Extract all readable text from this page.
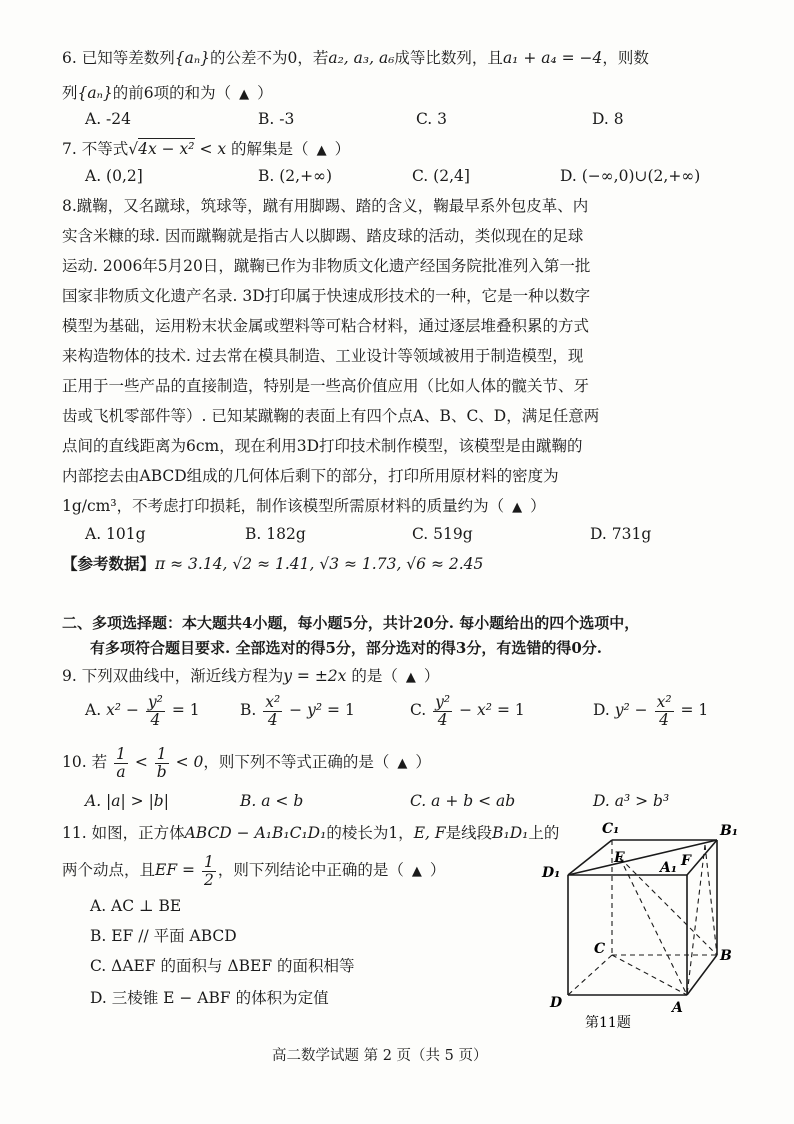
6. 已知等差数列{aₙ}的公差不为0，若a₂, a₃, a₆成等比数列，且a₁ + a₄ = −4，则数
列{aₙ}的前6项的和为（ ▲ ）
A. -24	B. -3	C. 3	D. 8
7. 不等式√4x − x² < x 的解集是（ ▲ ）
A. (0,2]	B. (2,+∞)	C. (2,4]	D. (−∞,0)∪(2,+∞)
8.蹴鞠，又名蹴球，筑球等，蹴有用脚踢、踏的含义，鞠最早系外包皮革、内
实含米糠的球. 因而蹴鞠就是指古人以脚踢、踏皮球的活动，类似现在的足球
运动. 2006年5月20日，蹴鞠已作为非物质文化遗产经国务院批准列入第一批
国家非物质文化遗产名录. 3D打印属于快速成形技术的一种，它是一种以数字
模型为基础，运用粉末状金属或塑料等可粘合材料，通过逐层堆叠积累的方式
来构造物体的技术. 过去常在模具制造、工业设计等领域被用于制造模型，现
正用于一些产品的直接制造，特别是一些高价值应用（比如人体的髋关节、牙
齿或飞机零部件等）. 已知某蹴鞠的表面上有四个点A、B、C、D，满足任意两
点间的直线距离为6cm，现在利用3D打印技术制作模型，该模型是由蹴鞠的
内部挖去由ABCD组成的几何体后剩下的部分，打印所用原材料的密度为
1g/cm³，不考虑打印损耗，制作该模型所需原材料的质量约为（ ▲ ）
A. 101g	B. 182g	C. 519g	D. 731g
【参考数据】π ≈ 3.14, √2 ≈ 1.41, √3 ≈ 1.73, √6 ≈ 2.45
二、多项选择题：本大题共4小题，每小题5分，共计20分. 每小题给出的四个选项中，
有多项符合题目要求. 全部选对的得5分，部分选对的得3分，有选错的得0分.
9. 下列双曲线中，渐近线方程为y = ±2x 的是（ ▲ ）
A. $x^2 - \frac{\text{y²}}{4} = 1$	B. $\frac{\text{x²}}{4} - y^2 = 1$	C. $\frac{\text{y²}}{4} - x^2 = 1$	D. $y^2 - \frac{\text{x²}}{4} = 1$
10. 若 $\frac{1}{a} < \frac{1}{b} < 0$，则下列不等式正确的是（ ▲ ）
A. |a| > |b|	B. a < b	C. a + b < ab	D. a³ > b³
11. 如图，正方体ABCD − A₁B₁C₁D₁的棱长为1，E, F是线段B₁D₁上的
两个动点，且EF = $\frac{1}{2}$ ，则下列结论中正确的是（ ▲ ）
A. AC ⊥ BE
B. EF // 平面 ABCD
C. ΔAEF 的面积与 ΔBEF 的面积相等
D. 三棱锥 E − ABF 的体积为定值
C₁	B₁
E	F
D₁	A₁
C	B
D	A
第11题
高二数学试题 第 2 页（共 5 页）
